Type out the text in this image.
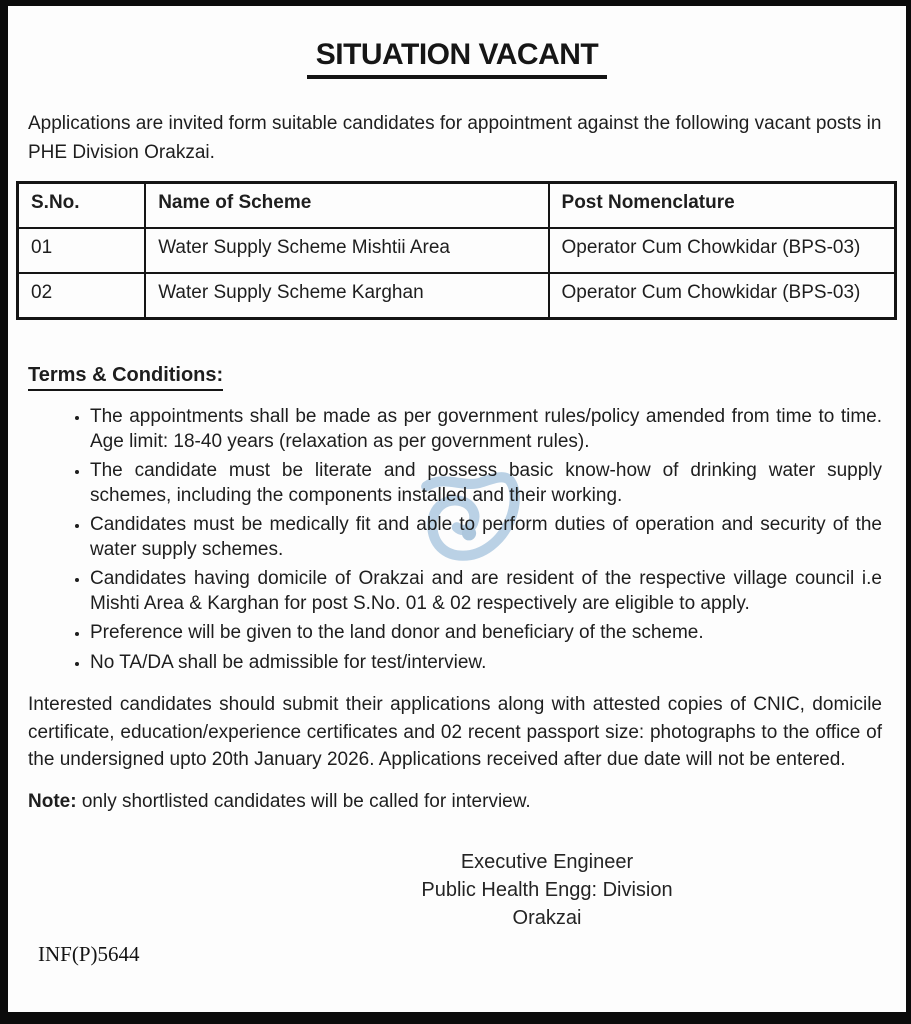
SITUATION VACANT

Applications are invited form suitable candidates for appointment against the following vacant posts in PHE Division Orakzai.

S.No.	Name of Scheme	Post Nomenclature
01	Water Supply Scheme Mishtii Area	Operator Cum Chowkidar (BPS-03)
02	Water Supply Scheme Karghan	Operator Cum Chowkidar (BPS-03)
Terms & Conditions:
• The appointments shall be made as per government rules/policy amended from time to time. Age limit: 18-40 years (relaxation as per government rules).
• The candidate must be literate and possess basic know-how of drinking water supply schemes, including the components installed and their working.
• Candidates must be medically fit and able to perform duties of operation and security of the water supply schemes.
• Candidates having domicile of Orakzai and are resident of the respective village council i.e Mishti Area & Karghan for post S.No. 01 & 02 respectively are eligible to apply.
• Preference will be given to the land donor and beneficiary of the scheme.
• No TA/DA shall be admissible for test/interview.

Interested candidates should submit their applications along with attested copies of CNIC, domicile certificate, education/experience certificates and 02 recent passport size: photographs to the office of the undersigned upto 20th January 2026. Applications received after due date will not be entered.

Note: only shortlisted candidates will be called for interview.

Executive Engineer
Public Health Engg: Division
Orakzai
INF(P)5644
